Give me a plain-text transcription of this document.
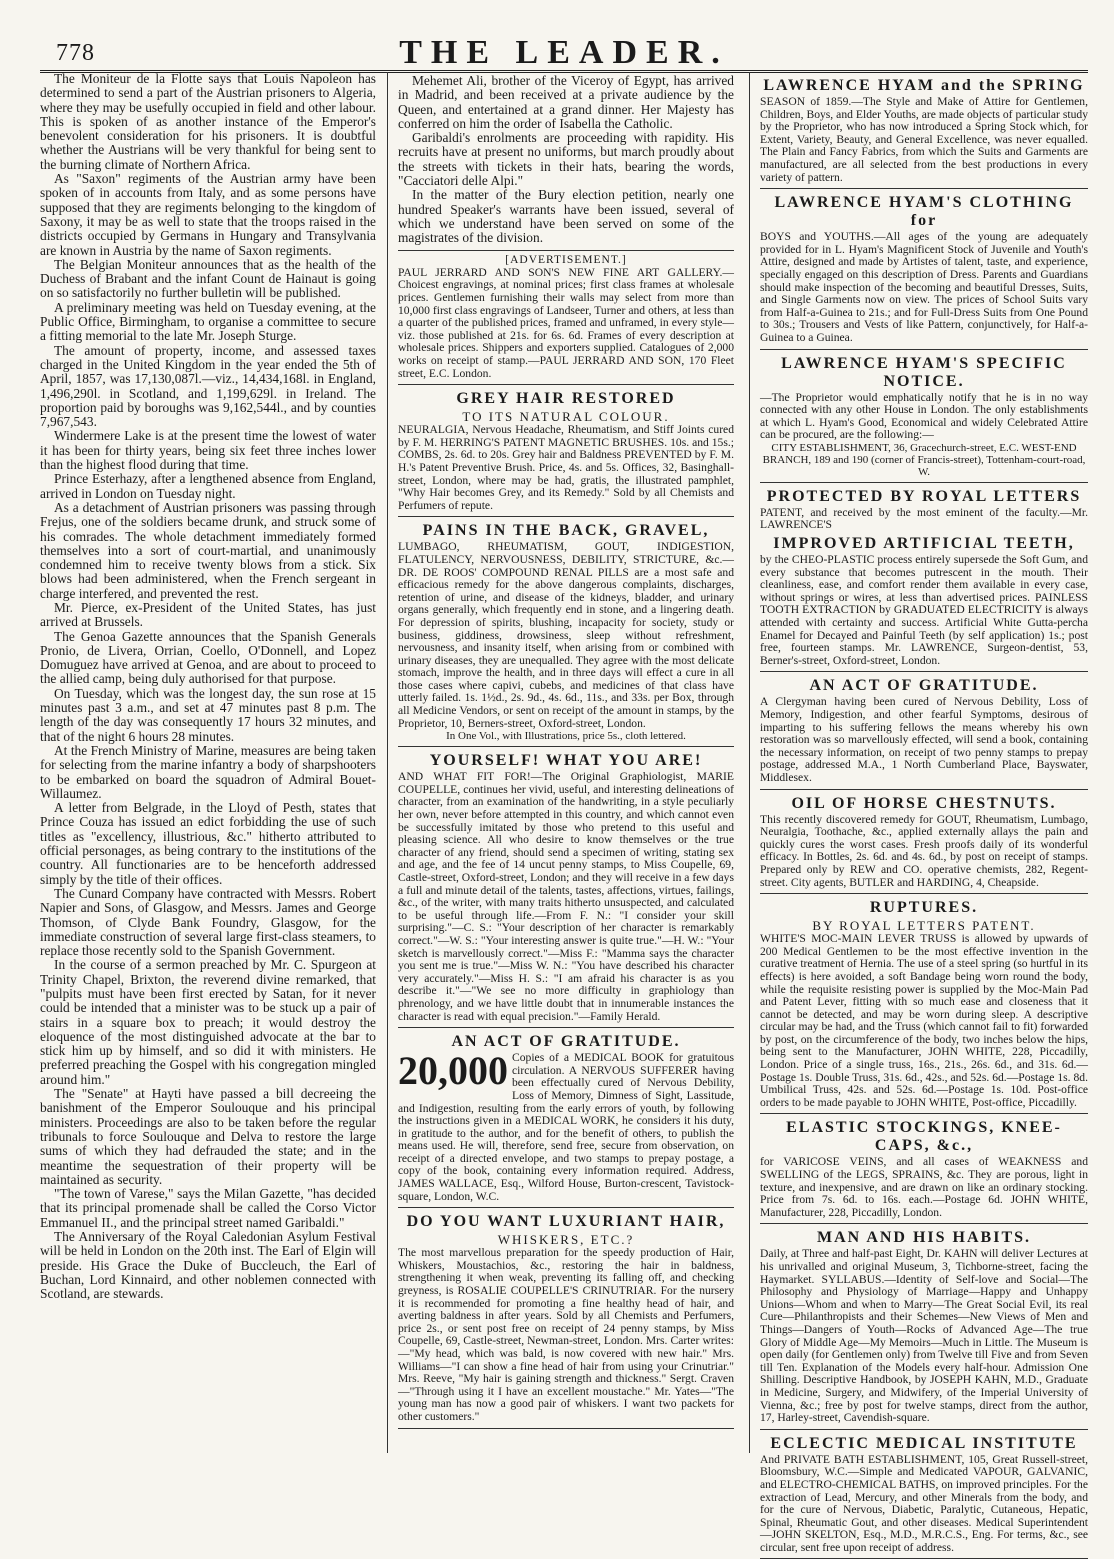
778	THE LEADER.

The Moniteur de la Flotte says that Louis Napoleon has determined to send a part of the Austrian prisoners to Algeria, where they may be usefully occupied in field and other labour. This is spoken of as another instance of the Emperor's benevolent consideration for his prisoners. It is doubtful whether the Austrians will be very thankful for being sent to the burning climate of Northern Africa.

As "Saxon" regiments of the Austrian army have been spoken of in accounts from Italy, and as some persons have supposed that they are regiments belonging to the kingdom of Saxony, it may be as well to state that the troops raised in the districts occupied by Germans in Hungary and Transylvania are known in Austria by the name of Saxon regiments.

The Belgian Moniteur announces that as the health of the Duchess of Brabant and the infant Count de Hainaut is going on so satisfactorily no further bulletin will be published.

A preliminary meeting was held on Tuesday evening, at the Public Office, Birmingham, to organise a committee to secure a fitting memorial to the late Mr. Joseph Sturge.

The amount of property, income, and assessed taxes charged in the United Kingdom in the year ended the 5th of April, 1857, was 17,130,087l.—viz., 14,434,168l. in England, 1,496,290l. in Scotland, and 1,199,629l. in Ireland. The proportion paid by boroughs was 9,162,544l., and by counties 7,967,543.

Windermere Lake is at the present time the lowest of water it has been for thirty years, being six feet three inches lower than the highest flood during that time.

Prince Esterhazy, after a lengthened absence from England, arrived in London on Tuesday night.

As a detachment of Austrian prisoners was passing through Frejus, one of the soldiers became drunk, and struck some of his comrades. The whole detachment immediately formed themselves into a sort of court-martial, and unanimously condemned him to receive twenty blows from a stick. Six blows had been administered, when the French sergeant in charge interfered, and prevented the rest.

Mr. Pierce, ex-President of the United States, has just arrived at Brussels.

The Genoa Gazette announces that the Spanish Generals Pronio, de Livera, Orrian, Coello, O'Donnell, and Lopez Domuguez have arrived at Genoa, and are about to proceed to the allied camp, being duly authorised for that purpose.

On Tuesday, which was the longest day, the sun rose at 15 minutes past 3 a.m., and set at 47 minutes past 8 p.m. The length of the day was consequently 17 hours 32 minutes, and that of the night 6 hours 28 minutes.

At the French Ministry of Marine, measures are being taken for selecting from the marine infantry a body of sharpshooters to be embarked on board the squadron of Admiral Bouet-Willaumez.

A letter from Belgrade, in the Lloyd of Pesth, states that Prince Couza has issued an edict forbidding the use of such titles as "excellency, illustrious, &c." hitherto attributed to official personages, as being contrary to the institutions of the country. All functionaries are to be henceforth addressed simply by the title of their offices.

The Cunard Company have contracted with Messrs. Robert Napier and Sons, of Glasgow, and Messrs. James and George Thomson, of Clyde Bank Foundry, Glasgow, for the immediate construction of several large first-class steamers, to replace those recently sold to the Spanish Government.

In the course of a sermon preached by Mr. C. Spurgeon at Trinity Chapel, Brixton, the reverend divine remarked, that "pulpits must have been first erected by Satan, for it never could be intended that a minister was to be stuck up a pair of stairs in a square box to preach; it would destroy the eloquence of the most distinguished advocate at the bar to stick him up by himself, and so did it with ministers. He preferred preaching the Gospel with his congregation mingled around him."

The "Senate" at Hayti have passed a bill decreeing the banishment of the Emperor Soulouque and his principal ministers. Proceedings are also to be taken before the regular tribunals to force Soulouque and Delva to restore the large sums of which they had defrauded the state; and in the meantime the sequestration of their property will be maintained as security.

"The town of Varese," says the Milan Gazette, "has decided that its principal promenade shall be called the Corso Victor Emmanuel II., and the principal street named Garibaldi."

The Anniversary of the Royal Caledonian Asylum Festival will be held in London on the 20th inst. The Earl of Elgin will preside. His Grace the Duke of Buccleuch, the Earl of Buchan, Lord Kinnaird, and other noblemen connected with Scotland, are stewards.

Mehemet Ali, brother of the Viceroy of Egypt, has arrived in Madrid, and been received at a private audience by the Queen, and entertained at a grand dinner. Her Majesty has conferred on him the order of Isabella the Catholic.

Garibaldi's enrolments are proceeding with rapidity. His recruits have at present no uniforms, but march proudly about the streets with tickets in their hats, bearing the words, "Cacciatori delle Alpi."

In the matter of the Bury election petition, nearly one hundred Speaker's warrants have been issued, several of which we understand have been served on some of the magistrates of the division.

[ADVERTISEMENT.]
PAUL JERRARD AND SON'S NEW FINE ART GALLERY.—Choicest engravings, at nominal prices; first class frames at wholesale prices. Gentlemen furnishing their walls may select from more than 10,000 first class engravings of Landseer, Turner and others, at less than a quarter of the published prices, framed and unframed, in every style—viz. those published at 21s. for 6s. 6d. Frames of every description at wholesale prices. Shippers and exporters supplied. Catalogues of 2,000 works on receipt of stamp.—PAUL JERRARD AND SON, 170 Fleet street, E.C. London.
GREY HAIR RESTORED
TO ITS NATURAL COLOUR.
NEURALGIA, Nervous Headache, Rheumatism, and Stiff Joints cured by F. M. HERRING'S PATENT MAGNETIC BRUSHES. 10s. and 15s.; COMBS, 2s. 6d. to 20s. Grey hair and Baldness PREVENTED by F. M. H.'s Patent Preventive Brush. Price, 4s. and 5s. Offices, 32, Basinghall-street, London, where may be had, gratis, the illustrated pamphlet, "Why Hair becomes Grey, and its Remedy." Sold by all Chemists and Perfumers of repute.
PAINS IN THE BACK, GRAVEL,
LUMBAGO, RHEUMATISM, GOUT, INDIGESTION, FLATULENCY, NERVOUSNESS, DEBILITY, STRICTURE, &c.—DR. DE ROOS' COMPOUND RENAL PILLS are a most safe and efficacious remedy for the above dangerous complaints, discharges, retention of urine, and disease of the kidneys, bladder, and urinary organs generally, which frequently end in stone, and a lingering death. For depression of spirits, blushing, incapacity for society, study or business, giddiness, drowsiness, sleep without refreshment, nervousness, and insanity itself, when arising from or combined with urinary diseases, they are unequalled. They agree with the most delicate stomach, improve the health, and in three days will effect a cure in all those cases where capivi, cubebs, and medicines of that class have utterly failed. 1s. 1½d., 2s. 9d., 4s. 6d., 11s., and 33s. per Box, through all Medicine Vendors, or sent on receipt of the amount in stamps, by the Proprietor, 10, Berners-street, Oxford-street, London.
In One Vol., with Illustrations, price 5s., cloth lettered.
YOURSELF! WHAT YOU ARE!
AND WHAT FIT FOR!—The Original Graphiologist, MARIE COUPELLE, continues her vivid, useful, and interesting delineations of character, from an examination of the handwriting, in a style peculiarly her own, never before attempted in this country, and which cannot even be successfully imitated by those who pretend to this useful and pleasing science. All who desire to know themselves or the true character of any friend, should send a specimen of writing, stating sex and age, and the fee of 14 uncut penny stamps, to Miss Coupelle, 69, Castle-street, Oxford-street, London; and they will receive in a few days a full and minute detail of the talents, tastes, affections, virtues, failings, &c., of the writer, with many traits hitherto unsuspected, and calculated to be useful through life.—From F. N.: "I consider your skill surprising."—C. S.: "Your description of her character is remarkably correct."—W. S.: "Your interesting answer is quite true."—H. W.: "Your sketch is marvellously correct."—Miss F.: "Mamma says the character you sent me is true."—Miss W. N.: "You have described his character very accurately."—Miss H. S.: "I am afraid his character is as you describe it."—"We see no more difficulty in graphiology than phrenology, and we have little doubt that in innumerable instances the character is read with equal precision."—Family Herald.
AN ACT OF GRATITUDE.
20,000 Copies of a MEDICAL BOOK for gratuitous circulation. A NERVOUS SUFFERER having been effectually cured of Nervous Debility, Loss of Memory, Dimness of Sight, Lassitude, and Indigestion, resulting from the early errors of youth, by following the instructions given in a MEDICAL WORK, he considers it his duty, in gratitude to the author, and for the benefit of others, to publish the means used. He will, therefore, send free, secure from observation, on receipt of a directed envelope, and two stamps to prepay postage, a copy of the book, containing every information required. Address, JAMES WALLACE, Esq., Wilford House, Burton-crescent, Tavistock-square, London, W.C.
DO YOU WANT LUXURIANT HAIR,
WHISKERS, ETC.?
The most marvellous preparation for the speedy production of Hair, Whiskers, Moustachios, &c., restoring the hair in baldness, strengthening it when weak, preventing its falling off, and checking greyness, is ROSALIE COUPELLE'S CRINUTRIAR. For the nursery it is recommended for promoting a fine healthy head of hair, and averting baldness in after years. Sold by all Chemists and Perfumers, price 2s., or sent post free on receipt of 24 penny stamps, by Miss Coupelle, 69, Castle-street, Newman-street, London. Mrs. Carter writes:—"My head, which was bald, is now covered with new hair." Mrs. Williams—"I can show a fine head of hair from using your Crinutriar." Mrs. Reeve, "My hair is gaining strength and thickness." Sergt. Craven—"Through using it I have an excellent moustache." Mr. Yates—"The young man has now a good pair of whiskers. I want two packets for other customers."
LAWRENCE HYAM and the SPRING
SEASON of 1859.—The Style and Make of Attire for Gentlemen, Children, Boys, and Elder Youths, are made objects of particular study by the Proprietor, who has now introduced a Spring Stock which, for Extent, Variety, Beauty, and General Excellence, was never equalled. The Plain and Fancy Fabrics, from which the Suits and Garments are manufactured, are all selected from the best productions in every variety of pattern.
LAWRENCE HYAM'S CLOTHING for
BOYS and YOUTHS.—All ages of the young are adequately provided for in L. Hyam's Magnificent Stock of Juvenile and Youth's Attire, designed and made by Artistes of talent, taste, and experience, specially engaged on this description of Dress. Parents and Guardians should make inspection of the becoming and beautiful Dresses, Suits, and Single Garments now on view. The prices of School Suits vary from Half-a-Guinea to 21s.; and for Full-Dress Suits from One Pound to 30s.; Trousers and Vests of like Pattern, conjunctively, for Half-a-Guinea to a Guinea.
LAWRENCE HYAM'S SPECIFIC NOTICE.
—The Proprietor would emphatically notify that he is in no way connected with any other House in London. The only establishments at which L. Hyam's Good, Economical and widely Celebrated Attire can be procured, are the following:—
CITY ESTABLISHMENT, 36, Gracechurch-street, E.C. WEST-END BRANCH, 189 and 190 (corner of Francis-street), Tottenham-court-road, W.
PROTECTED BY ROYAL LETTERS
PATENT, and received by the most eminent of the faculty.—Mr. LAWRENCE'S
IMPROVED ARTIFICIAL TEETH,
by the CHEO-PLASTIC process entirely supersede the Soft Gum, and every substance that becomes putrescent in the mouth. Their cleanliness, ease, and comfort render them available in every case, without springs or wires, at less than advertised prices. PAINLESS TOOTH EXTRACTION by GRADUATED ELECTRICITY is always attended with certainty and success. Artificial White Gutta-percha Enamel for Decayed and Painful Teeth (by self application) 1s.; post free, fourteen stamps. Mr. LAWRENCE, Surgeon-dentist, 53, Berner's-street, Oxford-street, London.
AN ACT OF GRATITUDE.
A Clergyman having been cured of Nervous Debility, Loss of Memory, Indigestion, and other fearful Symptoms, desirous of imparting to his suffering fellows the means whereby his own restoration was so marvellously effected, will send a book, containing the necessary information, on receipt of two penny stamps to prepay postage, addressed M.A., 1 North Cumberland Place, Bayswater, Middlesex.
OIL OF HORSE CHESTNUTS.
This recently discovered remedy for GOUT, Rheumatism, Lumbago, Neuralgia, Toothache, &c., applied externally allays the pain and quickly cures the worst cases. Fresh proofs daily of its wonderful efficacy. In Bottles, 2s. 6d. and 4s. 6d., by post on receipt of stamps. Prepared only by REW and CO. operative chemists, 282, Regent-street. City agents, BUTLER and HARDING, 4, Cheapside.
RUPTURES.
BY ROYAL LETTERS PATENT.
WHITE'S MOC-MAIN LEVER TRUSS is allowed by upwards of 200 Medical Gentlemen to be the most effective invention in the curative treatment of Hernia. The use of a steel spring (so hurtful in its effects) is here avoided, a soft Bandage being worn round the body, while the requisite resisting power is supplied by the Moc-Main Pad and Patent Lever, fitting with so much ease and closeness that it cannot be detected, and may be worn during sleep. A descriptive circular may be had, and the Truss (which cannot fail to fit) forwarded by post, on the circumference of the body, two inches below the hips, being sent to the Manufacturer, JOHN WHITE, 228, Piccadilly, London. Price of a single truss, 16s., 21s., 26s. 6d., and 31s. 6d.—Postage 1s. Double Truss, 31s. 6d., 42s., and 52s. 6d.—Postage 1s. 8d. Umbilical Truss, 42s. and 52s. 6d.—Postage 1s. 10d. Post-office orders to be made payable to JOHN WHITE, Post-office, Piccadilly.
ELASTIC STOCKINGS, KNEE-CAPS, &c.,
for VARICOSE VEINS, and all cases of WEAKNESS and SWELLING of the LEGS, SPRAINS, &c. They are porous, light in texture, and inexpensive, and are drawn on like an ordinary stocking. Price from 7s. 6d. to 16s. each.—Postage 6d. JOHN WHITE, Manufacturer, 228, Piccadilly, London.
MAN AND HIS HABITS.
Daily, at Three and half-past Eight, Dr. KAHN will deliver Lectures at his unrivalled and original Museum, 3, Tichborne-street, facing the Haymarket. SYLLABUS.—Identity of Self-love and Social—The Philosophy and Physiology of Marriage—Happy and Unhappy Unions—Whom and when to Marry—The Great Social Evil, its real Cure—Philanthropists and their Schemes—New Views of Men and Things—Dangers of Youth—Rocks of Advanced Age—The true Glory of Middle Age—My Memoirs—Much in Little. The Museum is open daily (for Gentlemen only) from Twelve till Five and from Seven till Ten. Explanation of the Models every half-hour. Admission One Shilling. Descriptive Handbook, by JOSEPH KAHN, M.D., Graduate in Medicine, Surgery, and Midwifery, of the Imperial University of Vienna, &c.; free by post for twelve stamps, direct from the author, 17, Harley-street, Cavendish-square.
ECLECTIC MEDICAL INSTITUTE
And PRIVATE BATH ESTABLISHMENT, 105, Great Russell-street, Bloomsbury, W.C.—Simple and Medicated VAPOUR, GALVANIC, and ELECTRO-CHEMICAL BATHS, on improved principles. For the extraction of Lead, Mercury, and other Minerals from the body, and for the cure of Nervous, Diabetic, Paralytic, Cutaneous, Hepatic, Spinal, Rheumatic Gout, and other diseases. Medical Superintendent—JOHN SKELTON, Esq., M.D., M.R.C.S., Eng. For terms, &c., see circular, sent free upon receipt of address.
